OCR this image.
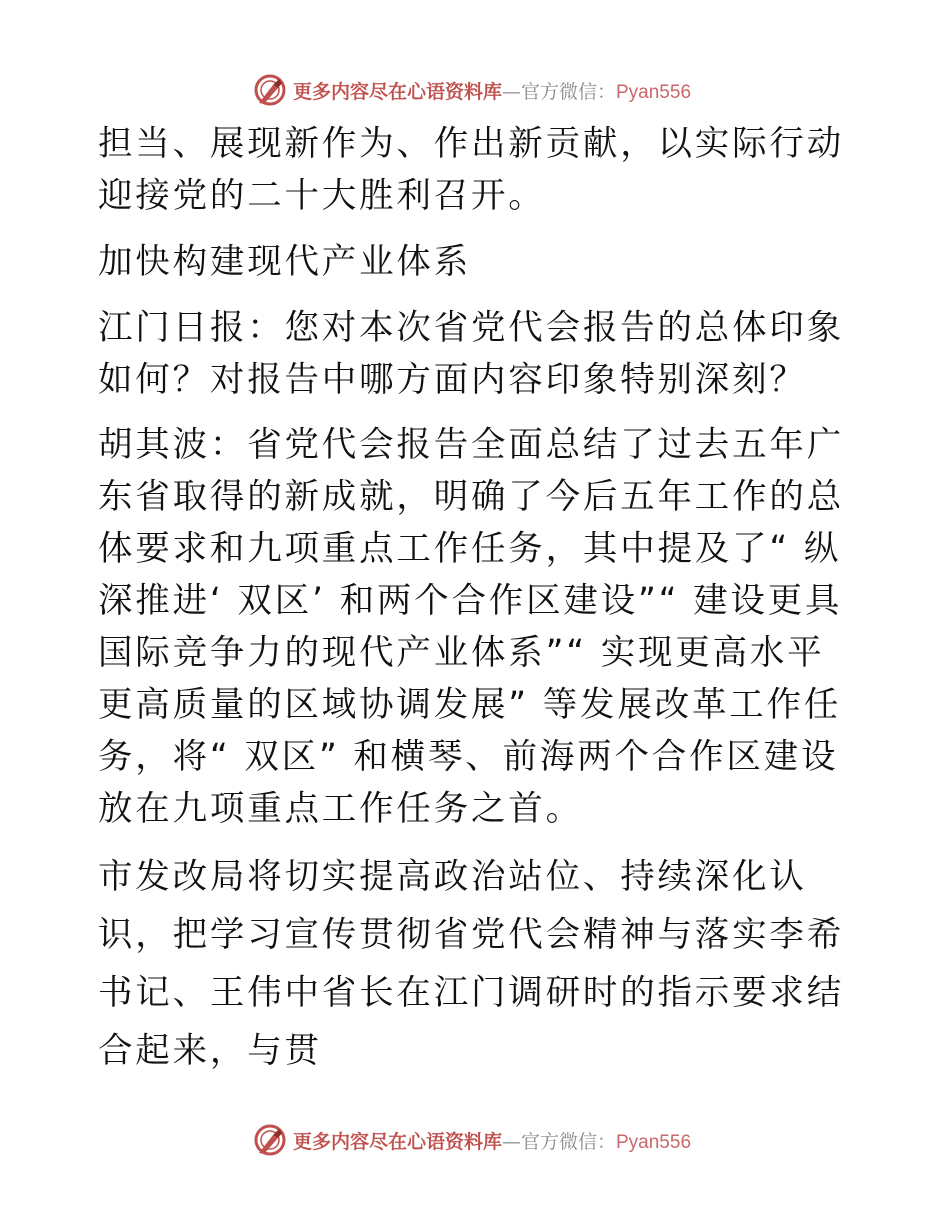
更多内容尽在心语资料库—官方微信：Pyan556

担当、展现新作为、作出新贡献，以实际行动迎接党的二十大胜利召开。

加快构建现代产业体系

江门日报：您对本次省党代会报告的总体印象如何？对报告中哪方面内容印象特别深刻？

胡其波：省党代会报告全面总结了过去五年广东省取得的新成就，明确了今后五年工作的总体要求和九项重点工作任务，其中提及了“ 纵深推进‘ 双区’ 和两个合作区建设”“ 建设更具国际竞争力的现代产业体系”“ 实现更高水平更高质量的区域协调发展” 等发展改革工作任务，将“ 双区” 和横琴、前海两个合作区建设放在九项重点工作任务之首。

市发改局将切实提高政治站位、持续深化认识，把学习宣传贯彻省党代会精神与落实李希书记、王伟中省长在江门调研时的指示要求结合起来，与贯

更多内容尽在心语资料库—官方微信：Pyan556
